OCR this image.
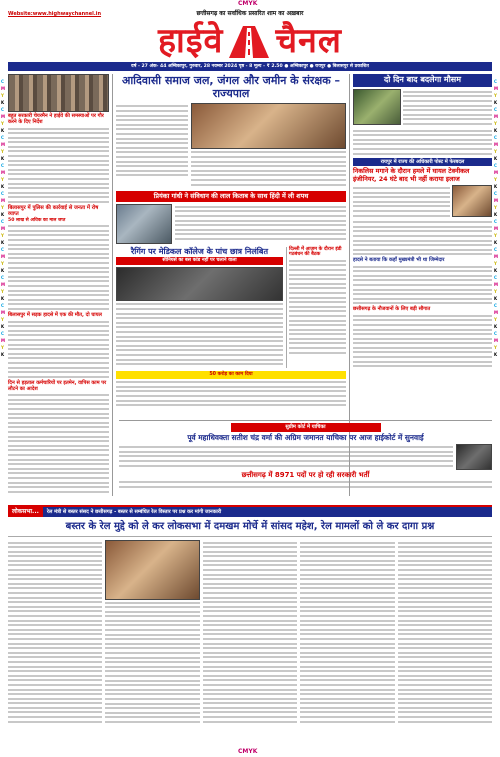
CMYK
CMYK
C
M
Y
K
C
M
Y
K
C
M
Y
K
C
M
Y
K
C
M
Y
K
C
M
Y
K
C
M
Y
K
C
M
Y
K
C
M
Y
K
C
M
Y
K
C
M
Y
K
C
M
Y
K
C
M
Y
K
C
M
Y
K
C
M
Y
K
C
M
Y
K
C
M
Y
K
C
M
Y
K
C
M
Y
K
C
M
Y
K
Website:www.highwaychannel.in	छत्तीसगढ़ का सर्वाधिक प्रसारित शाम का अख़बार
हाईवे चैनल
वर्ष - 27 अंक- 44 अम्बिकापुर, गुरुवार, 28 नवम्बर 2024 पृष्ठ - 8 मूल्य - ₹ 2.50 ● अम्बिकापुर ● रायपुर ● बिलासपुर से प्रकाशित
बहुत सरकारी चेयरमैन ने हाईवे की समस्याओं पर गौर करने के दिए निर्देश
बिलासपुर में पुलिस की कार्रवाई से जनता में रोष व्याप्त
50 लाख से अधिक का माल जप्त
बिलासपुर में सड़क हादसे में एक की मौत, दो घायल
दिन से हड़ताल कर्मचारियों पर इतमेन, वापिस काम पर लौटने का आदेश
आदिवासी समाज जल, जंगल और जमीन के संरक्षक – राज्यपाल
प्रियंका गांधी ने संविधान की लाल किताब के साथ हिंदी में ली शपथ
रैगिंग पर मेडिकल कॉलेज के पांच छात्र निलंबित
सीनियर्स का बस कांड नहीं पर चलाने वाला
दिल्ली में आज़म के दौरान इंडी गठबंधन की बैठक
50 करोड़ का काम दिया
दो दिन बाद बदलेगा मौसम
रायपुर में राज्य की अधिकारी पोस्ट में फेरबदल
निकलिस मगाने के दौरान हमले में घायल टेक्नीकल इंजीनियर, 24 घंटे बाद भी नहीं कराया इलाज
हादसे ने बताया कि कहाँ मुख्यमंत्री भी था जिम्मेदार
छत्तीसगढ़ के नौजवानों के लिए बड़ी सौगात
सुप्रीम कोर्ट में याचिका
पूर्व महाधिवक्ता सतीश चंद्र वर्मा की अग्रिम जमानत याचिका पर आज हाईकोर्ट में सुनवाई
छत्तीसगढ़ में 8971 पदों पर हो रही सरकारी भर्ती
लोकसभा...	रेल मंत्री से बस्तर संसद ने छत्तीसगढ़ - बस्तर से सम्बंधित रेल विस्तार पर प्रश्न कर मांगी जानकारी
बस्तर के रेल मुद्दे को ले कर लोकसभा में दमखम मोर्चे में सांसद महेश, रेल मामलों को ले कर दागा प्रश्न
